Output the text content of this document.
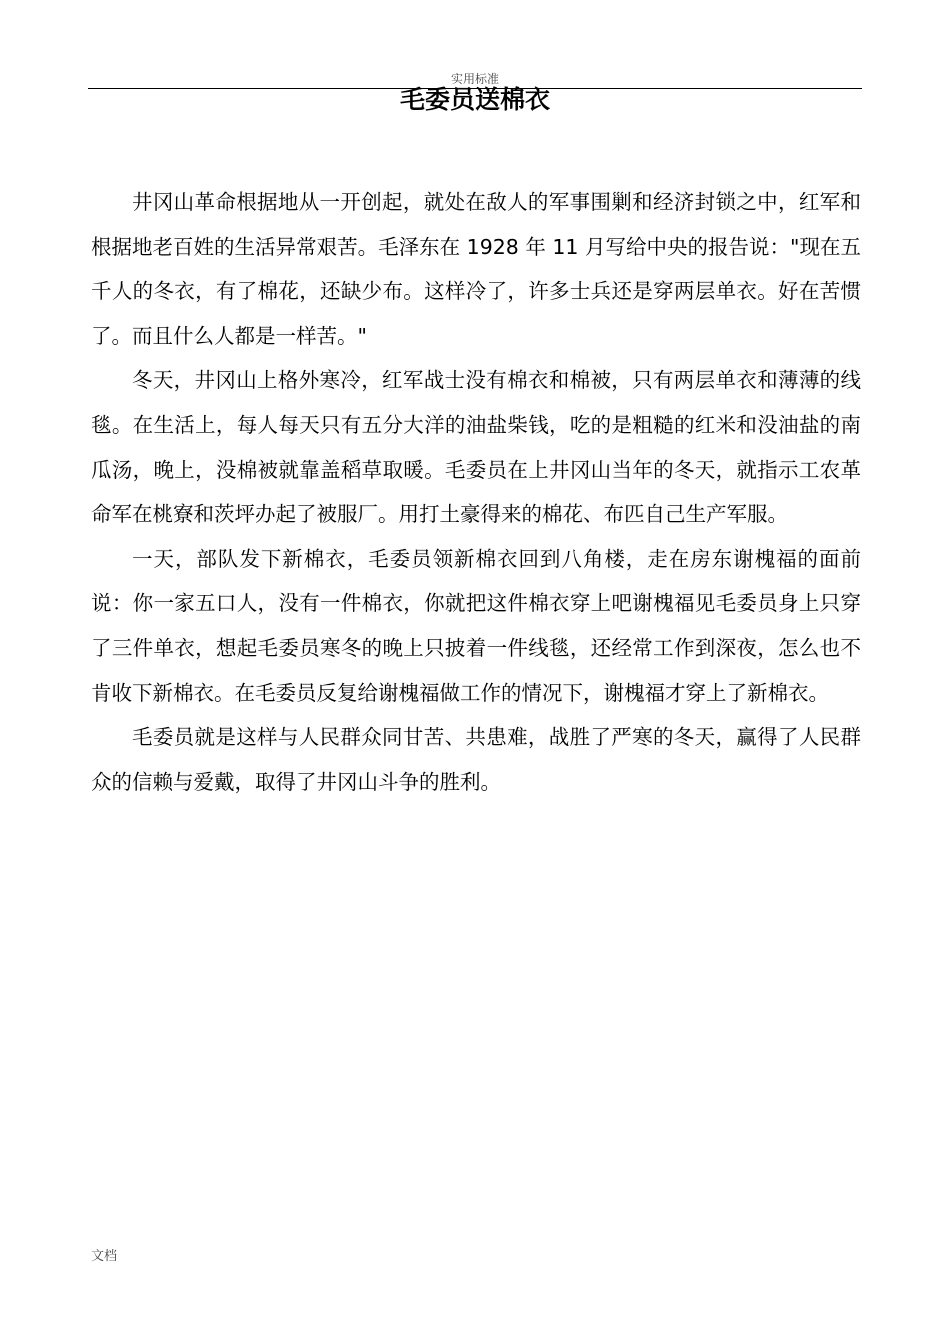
实用标准
毛委员送棉衣

井冈山革命根据地从一开创起，就处在敌人的军事围剿和经济封锁之中，红军和根据地老百姓的生活异常艰苦。毛泽东在 1928 年 11 月写给中央的报告说："现在五千人的冬衣，有了棉花，还缺少布。这样冷了，许多士兵还是穿两层单衣。好在苦惯了。而且什么人都是一样苦。"

冬天，井冈山上格外寒冷，红军战士没有棉衣和棉被，只有两层单衣和薄薄的线毯。在生活上，每人每天只有五分大洋的油盐柴钱，吃的是粗糙的红米和没油盐的南瓜汤，晚上，没棉被就靠盖稻草取暖。毛委员在上井冈山当年的冬天，就指示工农革命军在桃寮和茨坪办起了被服厂。用打土豪得来的棉花、布匹自己生产军服。

一天，部队发下新棉衣，毛委员领新棉衣回到八角楼，走在房东谢槐福的面前说：你一家五口人，没有一件棉衣，你就把这件棉衣穿上吧谢槐福见毛委员身上只穿了三件单衣，想起毛委员寒冬的晚上只披着一件线毯，还经常工作到深夜，怎么也不肯收下新棉衣。在毛委员反复给谢槐福做工作的情况下，谢槐福才穿上了新棉衣。

毛委员就是这样与人民群众同甘苦、共患难，战胜了严寒的冬天，赢得了人民群众的信赖与爱戴，取得了井冈山斗争的胜利。

文档
